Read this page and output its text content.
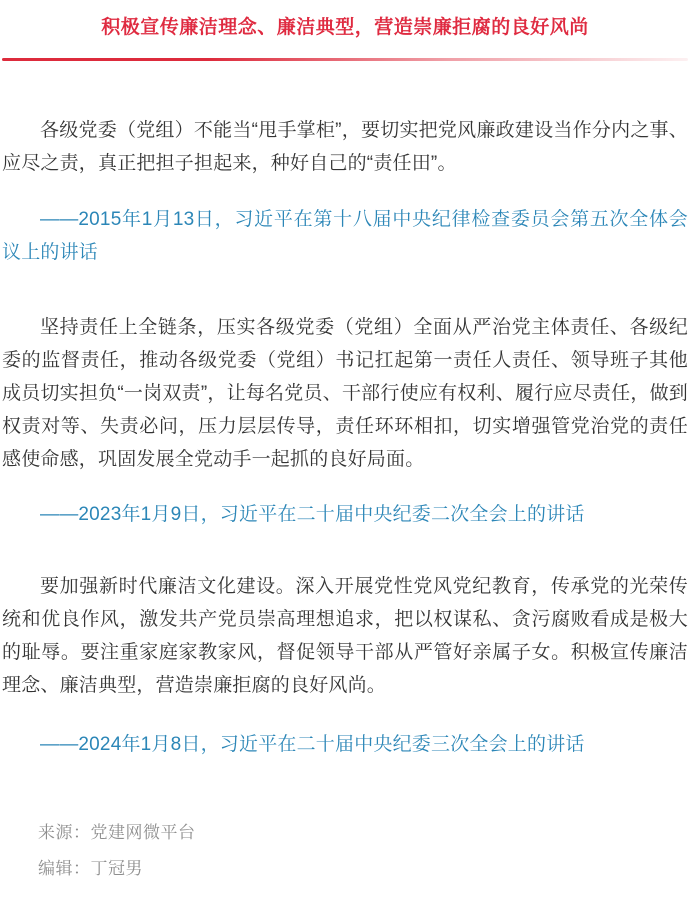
积极宣传廉洁理念、廉洁典型，营造崇廉拒腐的良好风尚

各级党委（党组）不能当“甩手掌柜”，要切实把党风廉政建设当作分内之事、应尽之责，真正把担子担起来，种好自己的“责任田”。

——2015年1月13日，习近平在第十八届中央纪律检查委员会第五次全体会议上的讲话

坚持责任上全链条，压实各级党委（党组）全面从严治党主体责任、各级纪委的监督责任，推动各级党委（党组）书记扛起第一责任人责任、领导班子其他成员切实担负“一岗双责”，让每名党员、干部行使应有权利、履行应尽责任，做到权责对等、失责必问，压力层层传导，责任环环相扣，切实增强管党治党的责任感使命感，巩固发展全党动手一起抓的良好局面。

——2023年1月9日，习近平在二十届中央纪委二次全会上的讲话

要加强新时代廉洁文化建设。深入开展党性党风党纪教育，传承党的光荣传统和优良作风，激发共产党员崇高理想追求，把以权谋私、贪污腐败看成是极大的耻辱。要注重家庭家教家风，督促领导干部从严管好亲属子女。积极宣传廉洁理念、廉洁典型，营造崇廉拒腐的良好风尚。

——2024年1月8日，习近平在二十届中央纪委三次全会上的讲话

来源：党建网微平台

编辑：丁冠男
